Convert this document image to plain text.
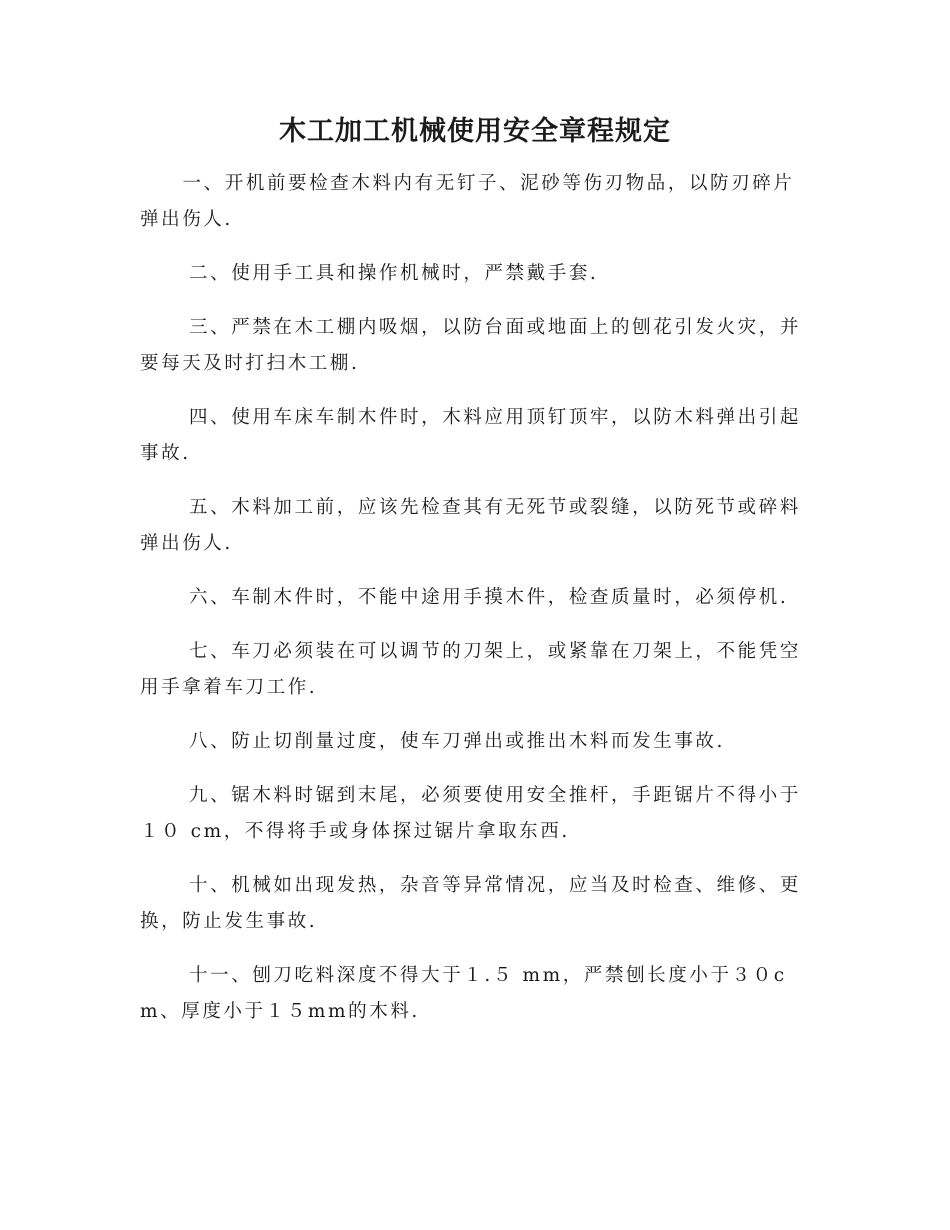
木工加工机械使用安全章程规定

一、开机前要检查木料内有无钉子、泥砂等伤刃物品，以防刃碎片弹出伤人.

二、使用手工具和操作机械时，严禁戴手套.

三、严禁在木工棚内吸烟，以防台面或地面上的刨花引发火灾，并要每天及时打扫木工棚.

四、使用车床车制木件时，木料应用顶钉顶牢，以防木料弹出引起事故.

五、木料加工前，应该先检查其有无死节或裂缝，以防死节或碎料弹出伤人.

六、车制木件时，不能中途用手摸木件，检查质量时，必须停机.

七、车刀必须装在可以调节的刀架上，或紧靠在刀架上，不能凭空用手拿着车刀工作.

八、防止切削量过度，使车刀弹出或推出木料而发生事故.

九、锯木料时锯到末尾，必须要使用安全推杆，手距锯片不得小于１０ cm，不得将手或身体探过锯片拿取东西.

十、机械如出现发热，杂音等异常情况，应当及时检查、维修、更换，防止发生事故.

十一、刨刀吃料深度不得大于１.５ mm，严禁刨长度小于３０cm、厚度小于１５mm的木料.
